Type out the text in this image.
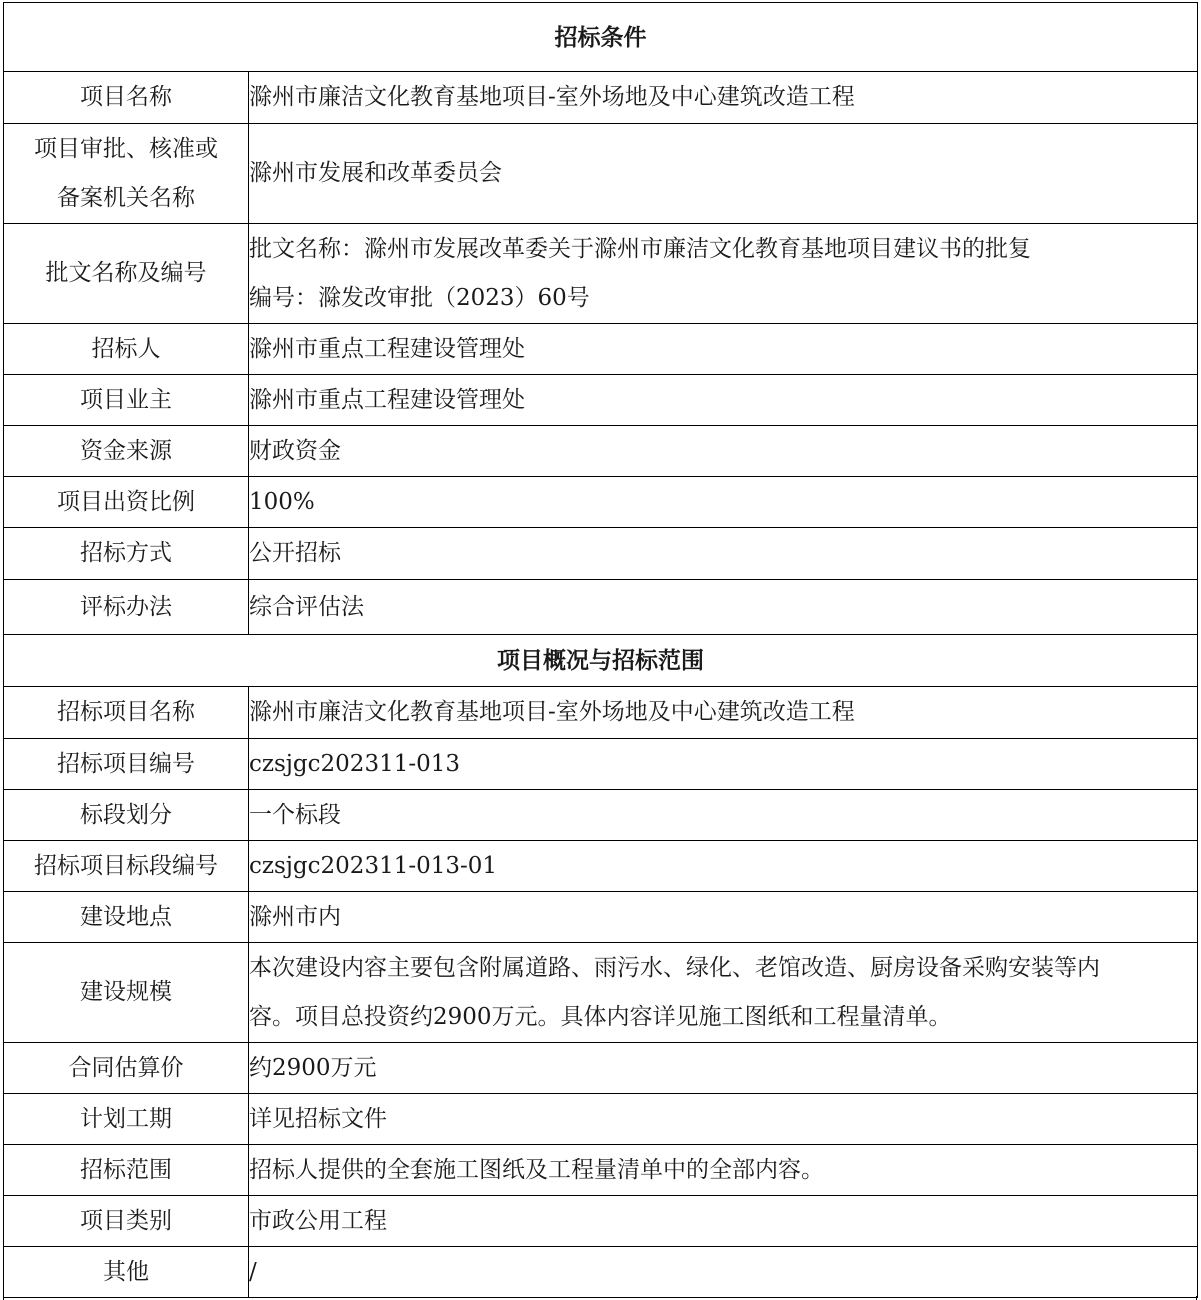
招标条件	
项目名称	滁州市廉洁文化教育基地项目-室外场地及中心建筑改造工程

项目审批、核准或
备案机关名称	滁州市发展和改革委员会
批文名称及编号	批文名称：滁州市发展改革委关于滁州市廉洁文化教育基地项目建议书的批复
编号：滁发改审批（2023）60号

招标人	滁州市重点工程建设管理处
项目业主	滁州市重点工程建设管理处
资金来源	财政资金
项目出资比例	100%
招标方式	公开招标
评标办法	综合评估法
项目概况与招标范围	
招标项目名称	滁州市廉洁文化教育基地项目-室外场地及中心建筑改造工程
招标项目编号	czsjgc202311-013
标段划分	一个标段
招标项目标段编号	czsjgc202311-013-01
建设地点	滁州市内
建设规模	本次建设内容主要包含附属道路、雨污水、绿化、老馆改造、厨房设备采购安装等内
容。项目总投资约2900万元。具体内容详见施工图纸和工程量清单。

合同估算价	约2900万元
计划工期	详见招标文件
招标范围	招标人提供的全套施工图纸及工程量清单中的全部内容。
项目类别	市政公用工程
其他	/
